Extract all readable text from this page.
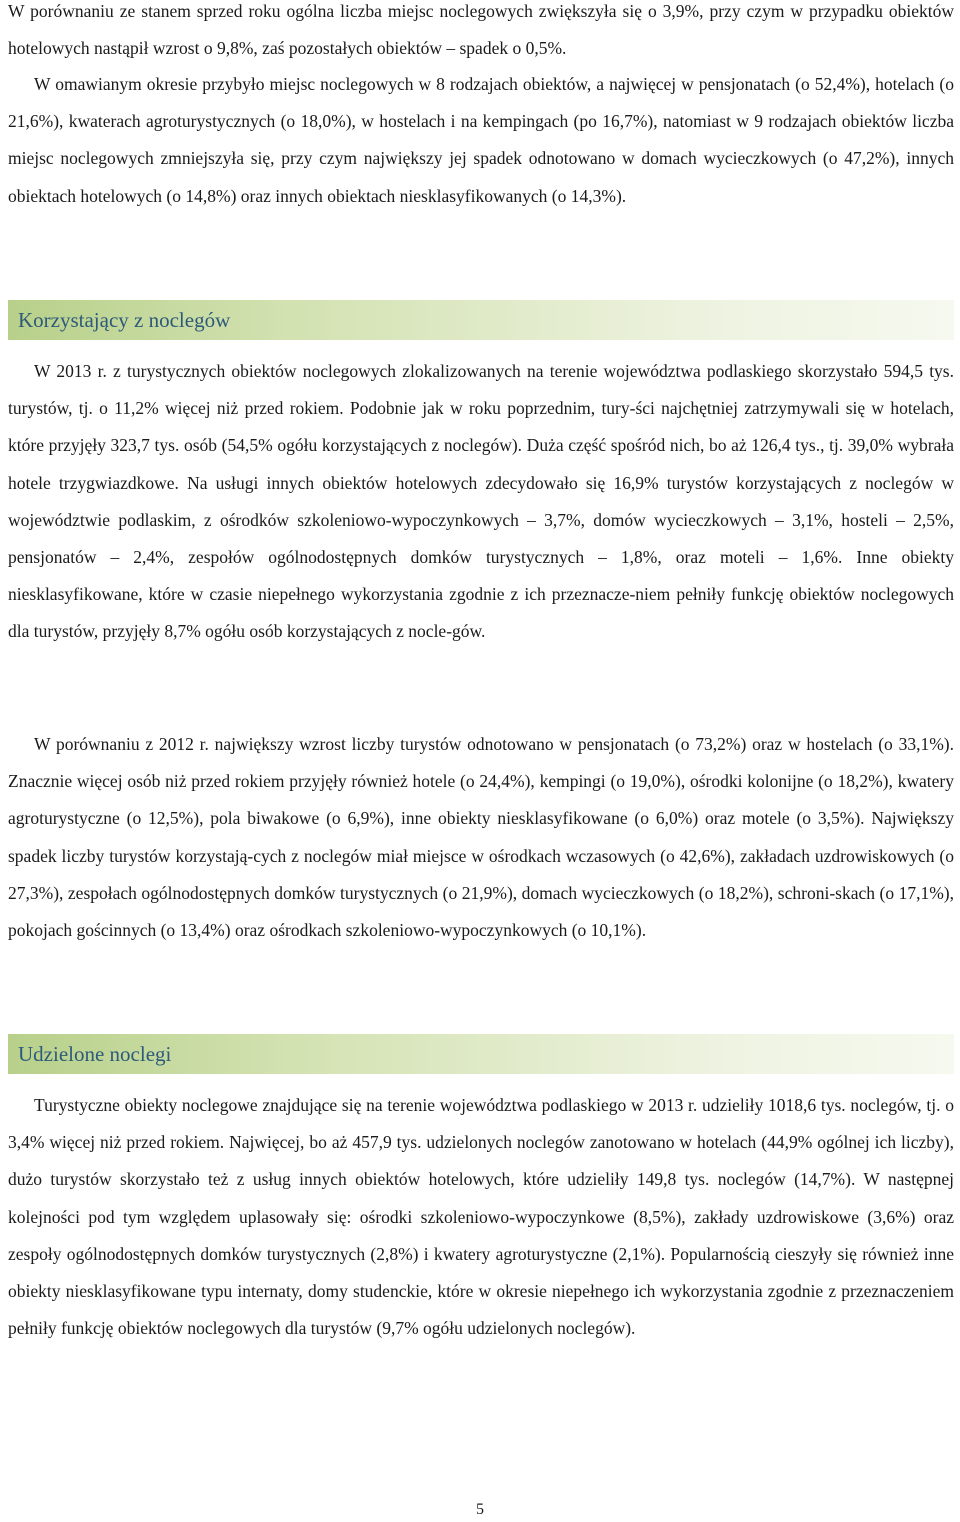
W porównaniu ze stanem sprzed roku ogólna liczba miejsc noclegowych zwiększyła się o 3,9%, przy czym w przypadku obiektów hotelowych nastąpił wzrost o 9,8%, zaś pozostałych obiektów – spadek o 0,5%.

W omawianym okresie przybyło miejsc noclegowych w 8 rodzajach obiektów, a najwięcej w pensjonatach (o 52,4%), hotelach (o 21,6%), kwaterach agroturystycznych (o 18,0%), w hostelach i na kempingach (po 16,7%), natomiast w 9 rodzajach obiektów liczba miejsc noclegowych zmniejszyła się, przy czym największy jej spadek odnotowano w domach wycieczkowych (o 47,2%), innych obiektach hotelowych (o 14,8%) oraz innych obiektach niesklasyfikowanych (o 14,3%).

Korzystający z noclegów

W 2013 r. z turystycznych obiektów noclegowych zlokalizowanych na terenie województwa podlaskiego skorzystało 594,5 tys. turystów, tj. o 11,2% więcej niż przed rokiem. Podobnie jak w roku poprzednim, tury-ści najchętniej zatrzymywali się w hotelach, które przyjęły 323,7 tys. osób (54,5% ogółu korzystających z noclegów). Duża część spośród nich, bo aż 126,4 tys., tj. 39,0% wybrała hotele trzygwiazdkowe. Na usługi innych obiektów hotelowych zdecydowało się 16,9% turystów korzystających z noclegów w województwie podlaskim, z ośrodków szkoleniowo-wypoczynkowych – 3,7%, domów wycieczkowych – 3,1%, hosteli – 2,5%, pensjonatów – 2,4%, zespołów ogólnodostępnych domków turystycznych – 1,8%, oraz moteli – 1,6%. Inne obiekty niesklasyfikowane, które w czasie niepełnego wykorzystania zgodnie z ich przeznacze-niem pełniły funkcję obiektów noclegowych dla turystów, przyjęły 8,7% ogółu osób korzystających z nocle-gów.

W porównaniu z 2012 r. największy wzrost liczby turystów odnotowano w pensjonatach (o 73,2%) oraz w hostelach (o 33,1%). Znacznie więcej osób niż przed rokiem przyjęły również hotele (o 24,4%), kempingi (o 19,0%), ośrodki kolonijne (o 18,2%), kwatery agroturystyczne (o 12,5%), pola biwakowe (o 6,9%), inne obiekty niesklasyfikowane (o 6,0%) oraz motele (o 3,5%). Największy spadek liczby turystów korzystają-cych z noclegów miał miejsce w ośrodkach wczasowych (o 42,6%), zakładach uzdrowiskowych (o 27,3%), zespołach ogólnodostępnych domków turystycznych (o 21,9%), domach wycieczkowych (o 18,2%), schroni-skach (o 17,1%), pokojach gościnnych (o 13,4%) oraz ośrodkach szkoleniowo-wypoczynkowych (o 10,1%).

Udzielone noclegi

Turystyczne obiekty noclegowe znajdujące się na terenie województwa podlaskiego w 2013 r. udzieliły 1018,6 tys. noclegów, tj. o 3,4% więcej niż przed rokiem. Najwięcej, bo aż 457,9 tys. udzielonych noclegów zanotowano w hotelach (44,9% ogólnej ich liczby), dużo turystów skorzystało też z usług innych obiektów hotelowych, które udzieliły 149,8 tys. noclegów (14,7%). W następnej kolejności pod tym względem uplasowały się: ośrodki szkoleniowo-wypoczynkowe (8,5%), zakłady uzdrowiskowe (3,6%) oraz zespoły ogólnodostępnych domków turystycznych (2,8%) i kwatery agroturystyczne (2,1%). Popularnością cieszyły się również inne obiekty niesklasyfikowane typu internaty, domy studenckie, które w okresie niepełnego ich wykorzystania zgodnie z przeznaczeniem pełniły funkcję obiektów noclegowych dla turystów (9,7% ogółu udzielonych noclegów).

5
